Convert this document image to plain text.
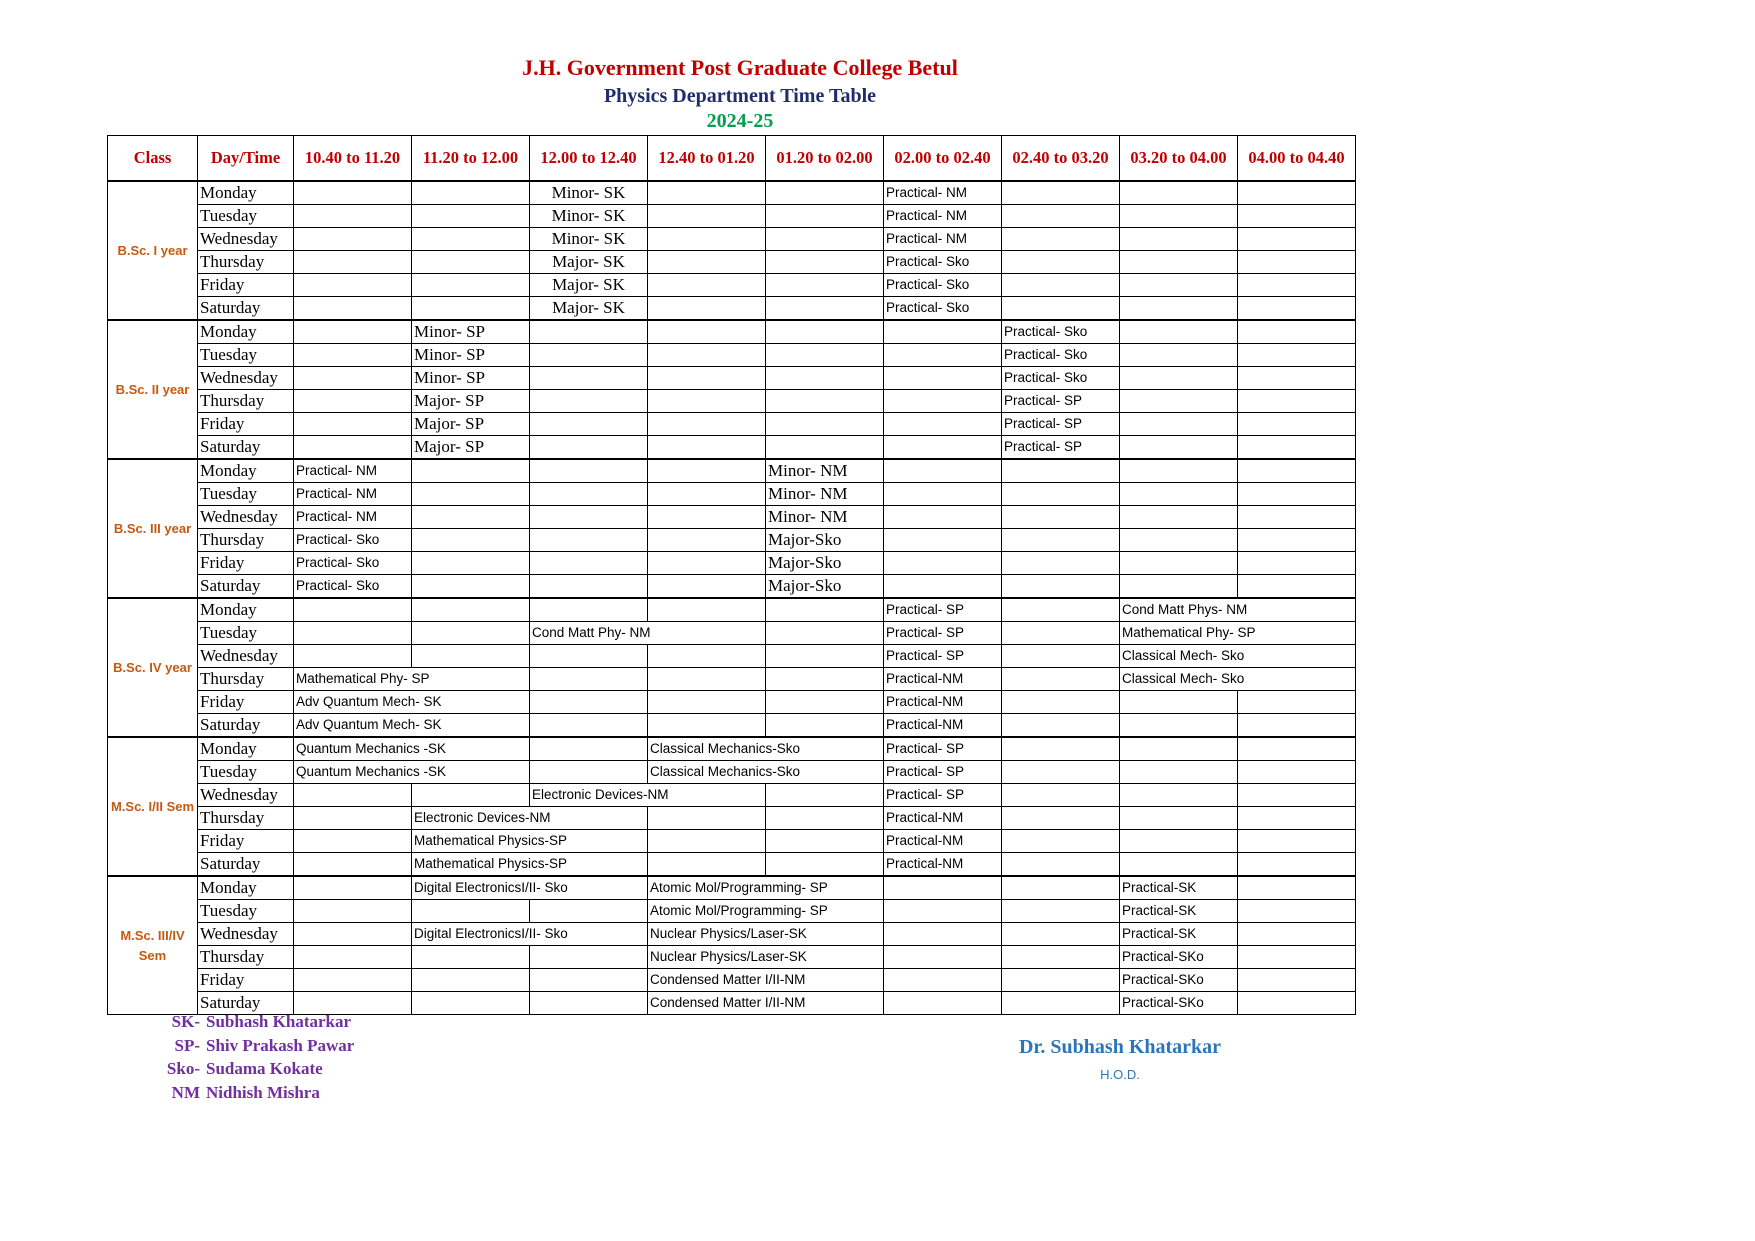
J.H. Government Post Graduate College Betul
Physics Department Time Table
2024-25
Class	Day/Time	10.40 to 11.20	11.20 to 12.00	12.00 to 12.40	12.40 to 01.20	01.20 to 02.00	02.00 to 02.40	02.40 to 03.20	03.20 to 04.00	04.00 to 04.40
B.Sc. I year	Monday			Minor- SK			Practical- NM			
	Tuesday			Minor- SK			Practical- NM			
	Wednesday			Minor- SK			Practical- NM			
	Thursday			Major- SK			Practical- Sko			
	Friday			Major- SK			Practical- Sko			
	Saturday			Major- SK			Practical- Sko			
B.Sc. II year	Monday		Minor- SP					Practical- Sko		
	Tuesday		Minor- SP					Practical- Sko		
	Wednesday		Minor- SP					Practical- Sko		
	Thursday		Major- SP					Practical- SP		
	Friday		Major- SP					Practical- SP		
	Saturday		Major- SP					Practical- SP		
B.Sc. III year	Monday	Practical- NM				Minor- NM				
	Tuesday	Practical- NM				Minor- NM				
	Wednesday	Practical- NM				Minor- NM				
	Thursday	Practical- Sko				Major-Sko				
	Friday	Practical- Sko				Major-Sko				
	Saturday	Practical- Sko				Major-Sko				
B.Sc. IV year	Monday						Practical- SP		Cond Matt Phys- NM	
	Tuesday			Cond Matt Phy- NM			Practical- SP		Mathematical Phy- SP	
	Wednesday						Practical- SP		Classical Mech- Sko	
	Thursday	Mathematical Phy- SP					Practical-NM		Classical Mech- Sko	
	Friday	Adv Quantum Mech- SK					Practical-NM			
	Saturday	Adv Quantum Mech- SK					Practical-NM			
M.Sc. I/II Sem	Monday	Quantum Mechanics -SK			Classical Mechanics-Sko		Practical- SP			
	Tuesday	Quantum Mechanics -SK			Classical Mechanics-Sko		Practical- SP			
	Wednesday			Electronic Devices-NM			Practical- SP			
	Thursday		Electronic Devices-NM				Practical-NM			
	Friday		Mathematical Physics-SP				Practical-NM			
	Saturday		Mathematical Physics-SP				Practical-NM			
M.Sc. III/IV Sem	Monday		Digital ElectronicsI/II- Sko		Atomic Mol/Programming- SP				Practical-SK	
	Tuesday				Atomic Mol/Programming- SP				Practical-SK	
	Wednesday		Digital ElectronicsI/II- Sko		Nuclear Physics/Laser-SK				Practical-SK	
	Thursday				Nuclear Physics/Laser-SK				Practical-SKo	
	Friday				Condensed Matter I/II-NM				Practical-SKo	
	Saturday				Condensed Matter I/II-NM				Practical-SKo	
SK- Subhash Khatarkar
SP- Shiv Prakash Pawar
Sko- Sudama Kokate
NM Nidhish Mishra
Dr. Subhash Khatarkar
H.O.D.
